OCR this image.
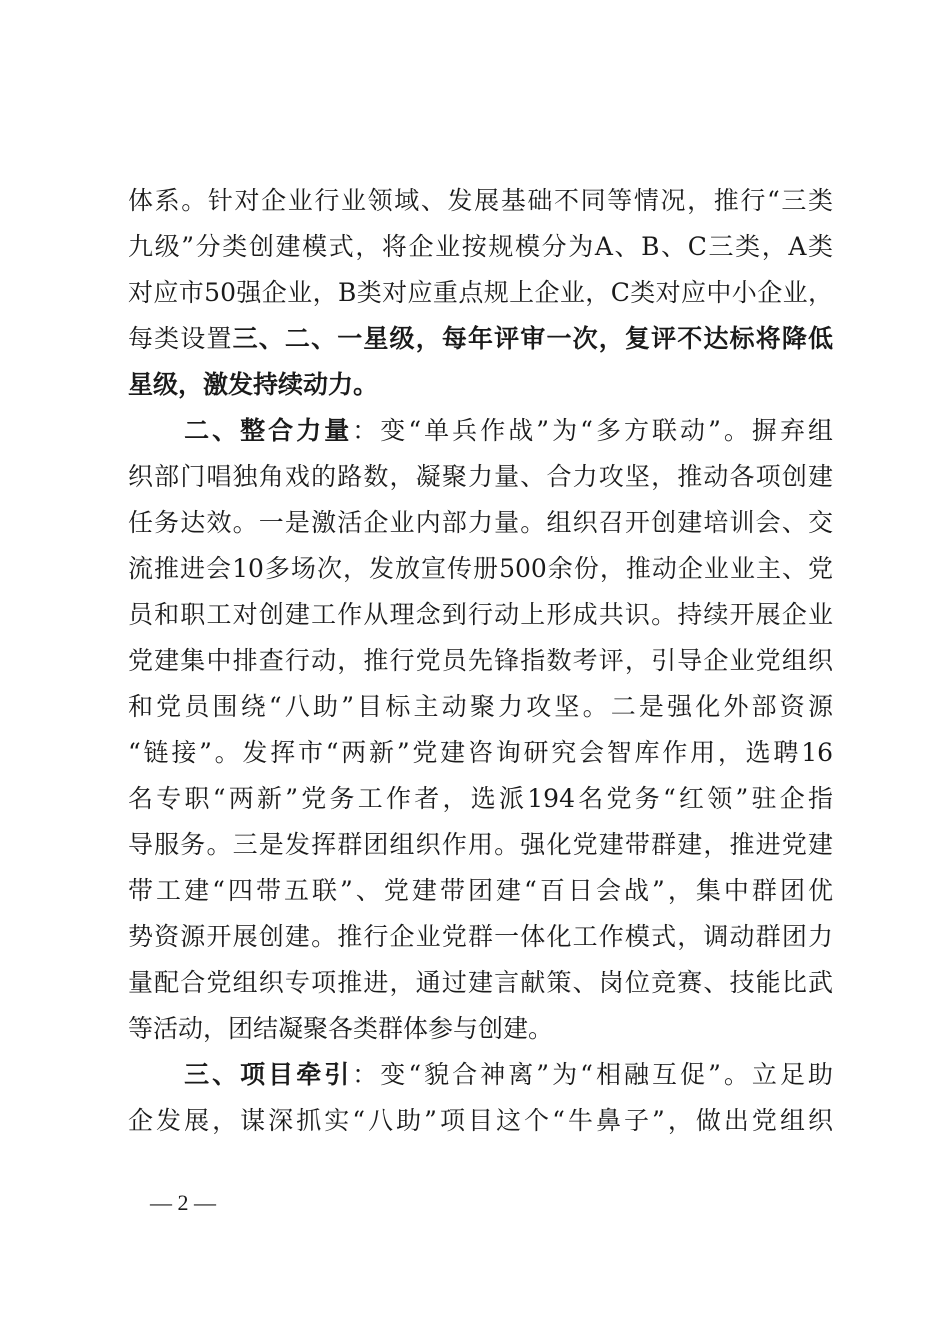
体系。针对企业行业领域、发展基础不同等情况，推行“三类
九级”分类创建模式，将企业按规模分为A、B、C三类，A类
对应市50强企业，B类对应重点规上企业，C类对应中小企业，
每类设置三、二、一星级，每年评审一次，复评不达标将降低
星级，激发持续动力。
　　二、整合力量：变“单兵作战”为“多方联动”。摒弃组
织部门唱独角戏的路数，凝聚力量、合力攻坚，推动各项创建
任务达效。一是激活企业内部力量。组织召开创建培训会、交
流推进会10多场次，发放宣传册500余份，推动企业业主、党
员和职工对创建工作从理念到行动上形成共识。持续开展企业
党建集中排查行动，推行党员先锋指数考评，引导企业党组织
和党员围绕“八助”目标主动聚力攻坚。二是强化外部资源
“链接”。发挥市“两新”党建咨询研究会智库作用，选聘16
名专职“两新”党务工作者，选派194名党务“红领”驻企指
导服务。三是发挥群团组织作用。强化党建带群建，推进党建
带工建“四带五联”、党建带团建“百日会战”，集中群团优
势资源开展创建。推行企业党群一体化工作模式，调动群团力
量配合党组织专项推进，通过建言献策、岗位竞赛、技能比武
等活动，团结凝聚各类群体参与创建。
　　三、项目牵引：变“貌合神离”为“相融互促”。立足助
企发展，谋深抓实“八助”项目这个“牛鼻子”，做出党组织
— 2 —
